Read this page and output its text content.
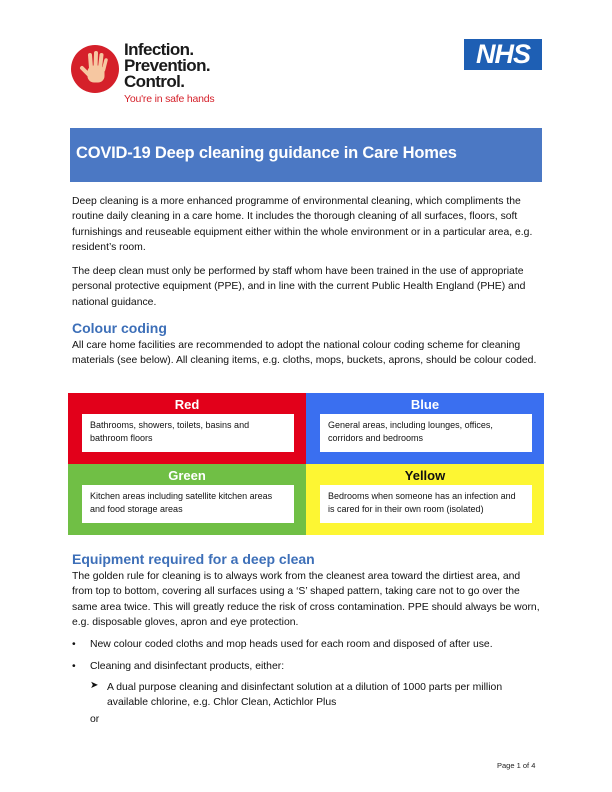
Infection.
Prevention.
Control.
You're in safe hands
NHS
COVID-19 Deep cleaning guidance in Care Homes

Deep cleaning is a more enhanced programme of environmental cleaning, which compliments the routine daily cleaning in a care home. It includes the thorough cleaning of all surfaces, floors, soft furnishings and reuseable equipment either within the whole environment or in a particular area, e.g. resident’s room.

The deep clean must only be performed by staff whom have been trained in the use of appropriate personal protective equipment (PPE), and in line with the current Public Health England (PHE) and national guidance.

Colour coding

All care home facilities are recommended to adopt the national colour coding scheme for cleaning materials (see below). All cleaning items, e.g. cloths, mops, buckets, aprons, should be colour coded.

Red
Bathrooms, showers, toilets, basins and bathroom floors
Blue
General areas, including lounges, offices, corridors and bedrooms
Green
Kitchen areas including satellite kitchen areas and food storage areas
Yellow
Bedrooms when someone has an infection and is cared for in their own room (isolated)
Equipment required for a deep clean

The golden rule for cleaning is to always work from the cleanest area toward the dirtiest area, and from top to bottom, covering all surfaces using a ‘S’ shaped pattern, taking care not to go over the same area twice. This will greatly reduce the risk of cross contamination. PPE should always be worn, e.g. disposable gloves, apron and eye protection.

• New colour coded cloths and mop heads used for each room and disposed of after use.

• Cleaning and disinfectant products, either:

➤ A dual purpose cleaning and disinfectant solution at a dilution of 1000 parts per million available chlorine, e.g. Chlor Clean, Actichlor Plus

or

Page 1 of 4
